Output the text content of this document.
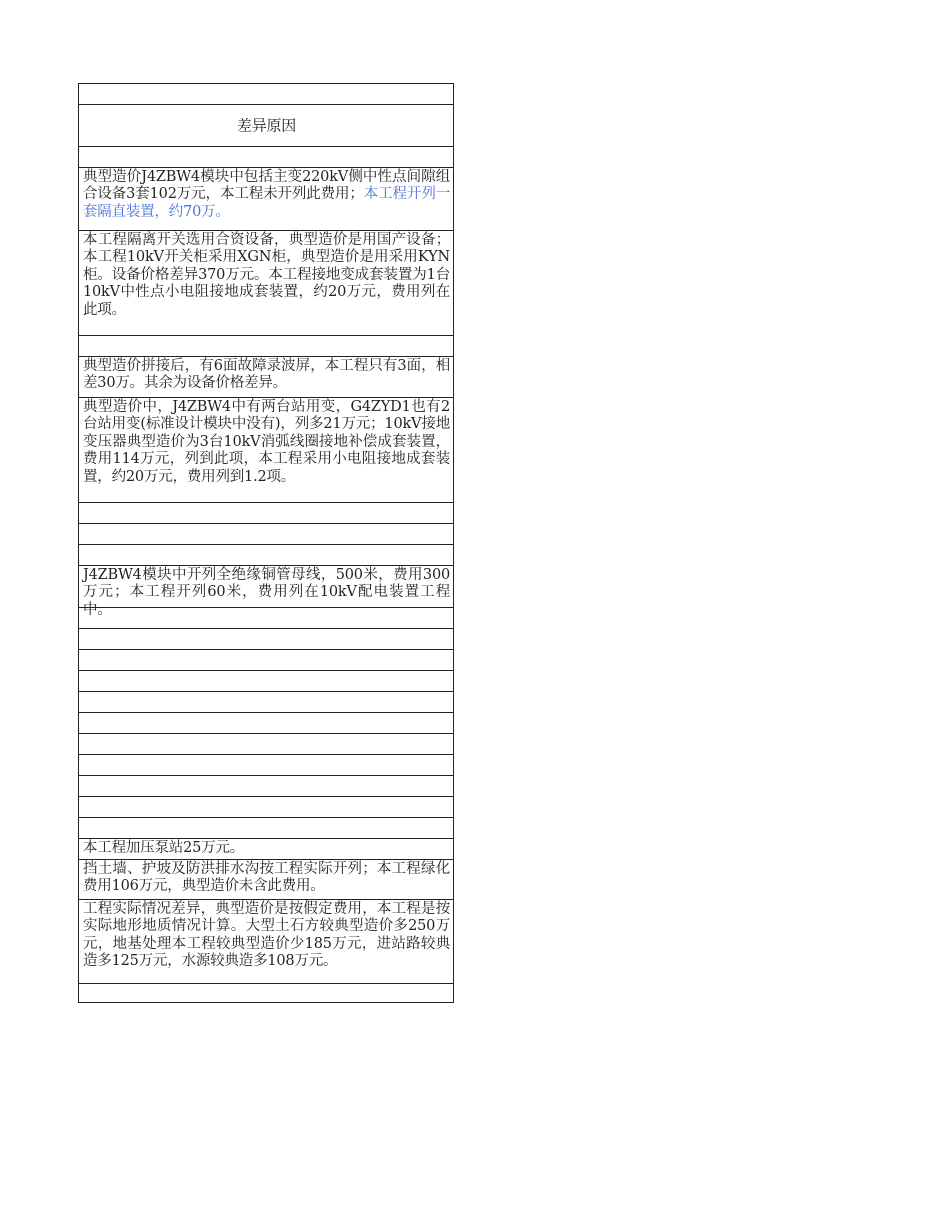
差异原因
典型造价J4ZBW4模块中包括主变220kV侧中性点间隙组合设备3套102万元，本工程未开列此费用；本工程开列一套隔直装置，约70万。
本工程隔离开关选用合资设备，典型造价是用国产设备；本工程10kV开关柜采用XGN柜，典型造价是用采用KYN柜。设备价格差异370万元。本工程接地变成套装置为1台10kV中性点小电阻接地成套装置，约20万元，费用列在此项。
典型造价拼接后，有6面故障录波屏，本工程只有3面，相差30万。其余为设备价格差异。
典型造价中，J4ZBW4中有两台站用变，G4ZYD1也有2台站用变(标准设计模块中没有)，列多21万元；10kV接地变压器典型造价为3台10kV消弧线圈接地补偿成套装置，费用114万元，列到此项，本工程采用小电阻接地成套装置，约20万元，费用列到1.2项。
J4ZBW4模块中开列全绝缘铜管母线，500米，费用300万元；本工程开列60米，费用列在10kV配电装置工程中。
本工程加压泵站25万元。
挡土墙、护坡及防洪排水沟按工程实际开列；本工程绿化费用106万元，典型造价未含此费用。
工程实际情况差异，典型造价是按假定费用，本工程是按实际地形地质情况计算。大型土石方较典型造价多250万元，地基处理本工程较典型造价少185万元，进站路较典造多125万元，水源较典造多108万元。
